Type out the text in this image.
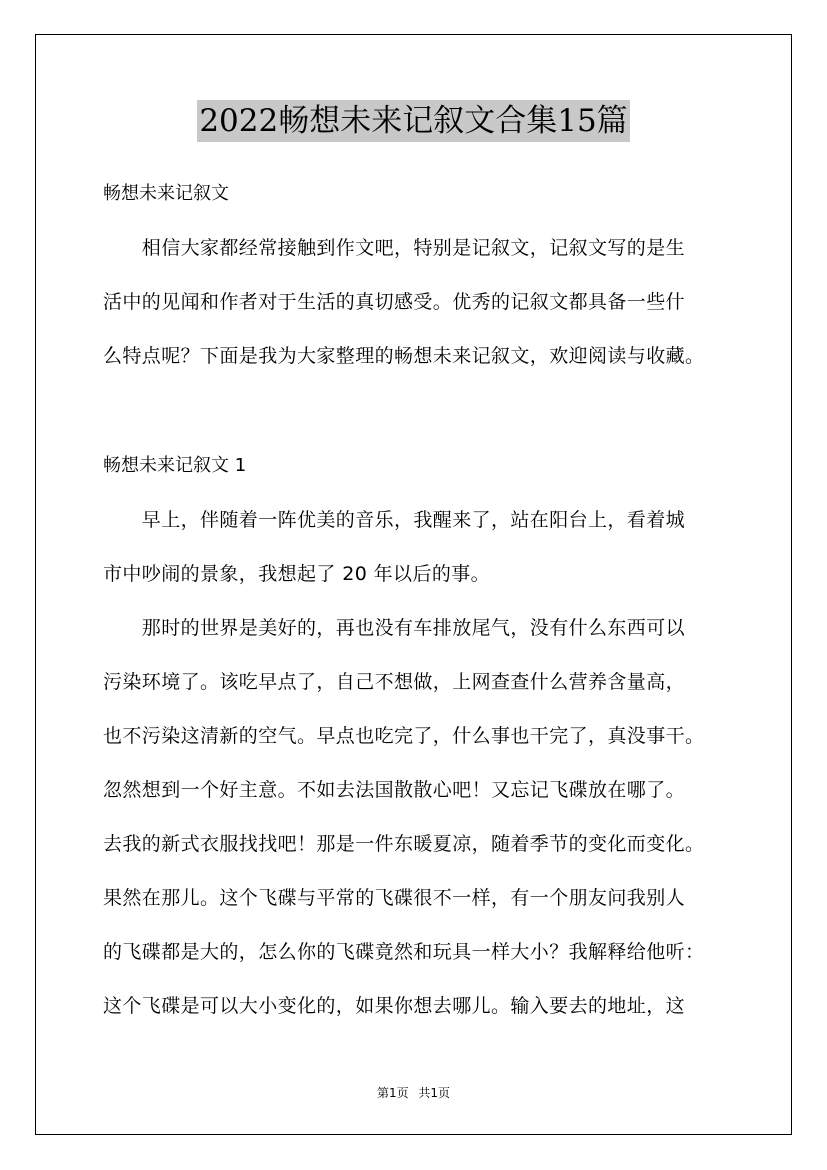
2022畅想未来记叙文合集15篇
畅想未来记叙文
　　相信大家都经常接触到作文吧，特别是记叙文，记叙文写的是生
活中的见闻和作者对于生活的真切感受。优秀的记叙文都具备一些什
么特点呢？下面是我为大家整理的畅想未来记叙文，欢迎阅读与收藏。
畅想未来记叙文 1
　　早上，伴随着一阵优美的音乐，我醒来了，站在阳台上，看着城
市中吵闹的景象，我想起了 20 年以后的事。
　　那时的世界是美好的，再也没有车排放尾气，没有什么东西可以
污染环境了。该吃早点了，自己不想做，上网查查什么营养含量高，
也不污染这清新的空气。早点也吃完了，什么事也干完了，真没事干。
忽然想到一个好主意。不如去法国散散心吧！又忘记飞碟放在哪了。
去我的新式衣服找找吧！那是一件东暖夏凉，随着季节的变化而变化。
果然在那儿。这个飞碟与平常的飞碟很不一样，有一个朋友问我别人
的飞碟都是大的，怎么你的飞碟竟然和玩具一样大小？我解释给他听：
这个飞碟是可以大小变化的，如果你想去哪儿。输入要去的地址，这
第1页 共1页
